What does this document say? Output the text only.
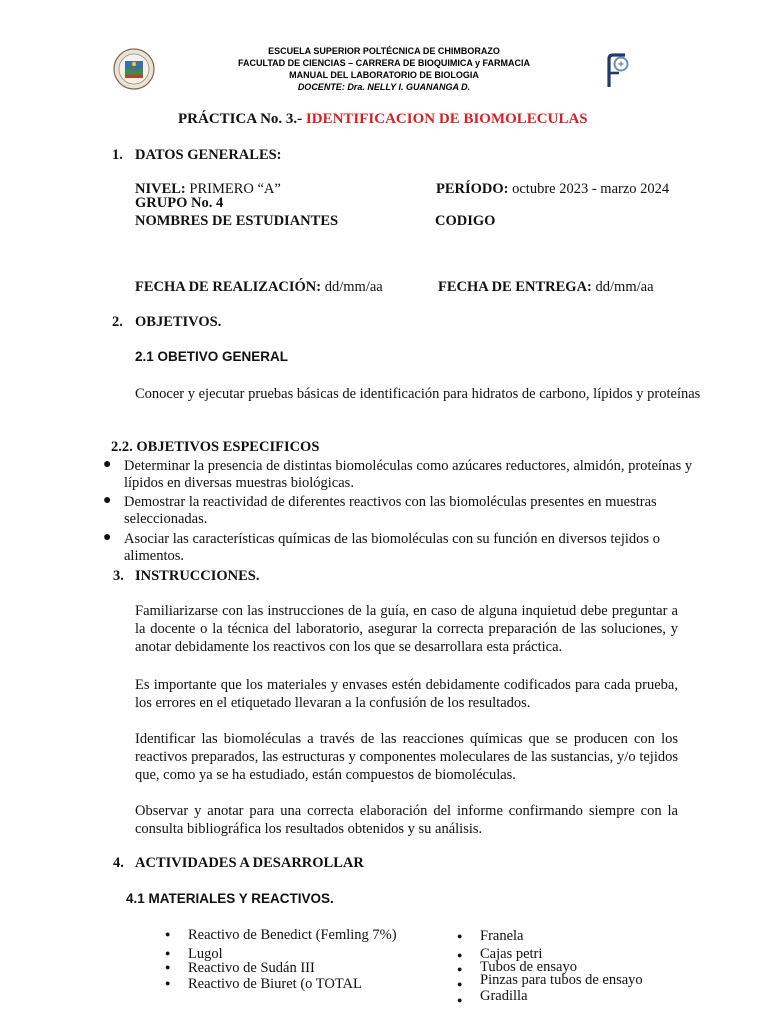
ESCUELA SUPERIOR POLTÉCNICA DE CHIMBORAZO
FACULTAD DE CIENCIAS – CARRERA DE BIOQUIMICA y FARMACIA
MANUAL DEL LABORATORIO DE BIOLOGIA
DOCENTE: Dra. NELLY I. GUANANGA D.
PRÁCTICA No. 3.- IDENTIFICACION DE BIOMOLECULAS
1. DATOS GENERALES:
NIVEL: PRIMERO “A”	PERÍODO: octubre 2023 - marzo 2024
GRUPO No. 4
NOMBRES DE ESTUDIANTES	CODIGO
FECHA DE REALIZACIÓN: dd/mm/aa	FECHA DE ENTREGA: dd/mm/aa
2. OBJETIVOS.
2.1 OBETIVO GENERAL
Conocer y ejecutar pruebas básicas de identificación para hidratos de carbono, lípidos y proteínas
2.2. OBJETIVOS ESPECIFICOS
● Determinar la presencia de distintas biomoléculas como azúcares reductores, almidón, proteínas y lípidos en diversas muestras biológicas.
● Demostrar la reactividad de diferentes reactivos con las biomoléculas presentes en muestras seleccionadas.
● Asociar las características químicas de las biomoléculas con su función en diversos tejidos o alimentos.
3. INSTRUCCIONES.
Familiarizarse con las instrucciones de la guía, en caso de alguna inquietud debe preguntar a la docente o la técnica del laboratorio, asegurar la correcta preparación de las soluciones, y anotar debidamente los reactivos con los que se desarrollara esta práctica.
Es importante que los materiales y envases estén debidamente codificados para cada prueba, los errores en el etiquetado llevaran a la confusión de los resultados.
Identificar las biomoléculas a través de las reacciones químicas que se producen con los reactivos preparados, las estructuras y componentes moleculares de las sustancias, y/o tejidos que, como ya se ha estudiado, están compuestos de biomoléculas.
Observar y anotar para una correcta elaboración del informe confirmando siempre con la consulta bibliográfica los resultados obtenidos y su análisis.
4. ACTIVIDADES A DESARROLLAR
4.1 MATERIALES Y REACTIVOS.
● Reactivo de Benedict (Femling 7%)
● Lugol
● Reactivo de Sudán III
● Reactivo de Biuret (o TOTAL
● Franela
● Cajas petri
● Tubos de ensayo
● Pinzas para tubos de ensayo
● Gradilla
